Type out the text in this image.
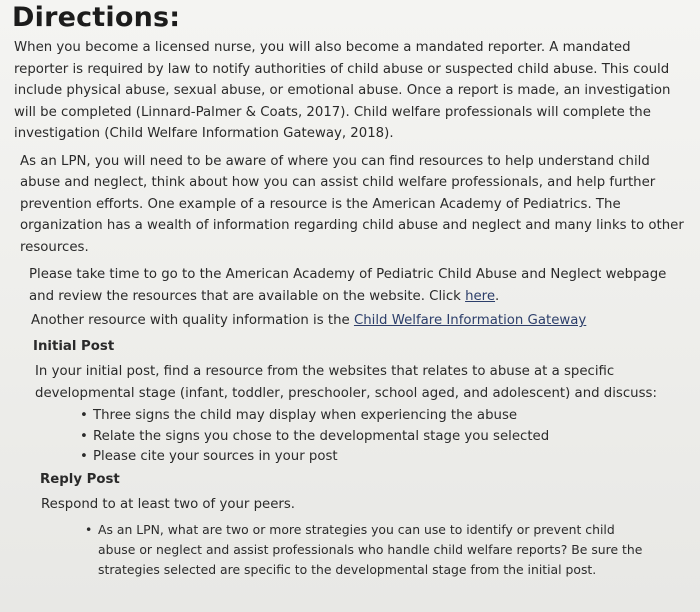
Directions:

When you become a licensed nurse, you will also become a mandated reporter. A mandated reporter is required by law to notify authorities of child abuse or suspected child abuse. This could include physical abuse, sexual abuse, or emotional abuse. Once a report is made, an investigation will be completed (Linnard-Palmer & Coats, 2017). Child welfare professionals will complete the investigation (Child Welfare Information Gateway, 2018).

As an LPN, you will need to be aware of where you can find resources to help understand child abuse and neglect, think about how you can assist child welfare professionals, and help further prevention efforts. One example of a resource is the American Academy of Pediatrics. The organization has a wealth of information regarding child abuse and neglect and many links to other resources.

Please take time to go to the American Academy of Pediatric Child Abuse and Neglect webpage and review the resources that are available on the website. Click here.

Another resource with quality information is the Child Welfare Information Gateway

Initial Post

In your initial post, find a resource from the websites that relates to abuse at a specific developmental stage (infant, toddler, preschooler, school aged, and adolescent) and discuss:

• Three signs the child may display when experiencing the abuse
• Relate the signs you chose to the developmental stage you selected
• Please cite your sources in your post

Reply Post

Respond to at least two of your peers.

• As an LPN, what are two or more strategies you can use to identify or prevent child abuse or neglect and assist professionals who handle child welfare reports? Be sure the strategies selected are specific to the developmental stage from the initial post.
